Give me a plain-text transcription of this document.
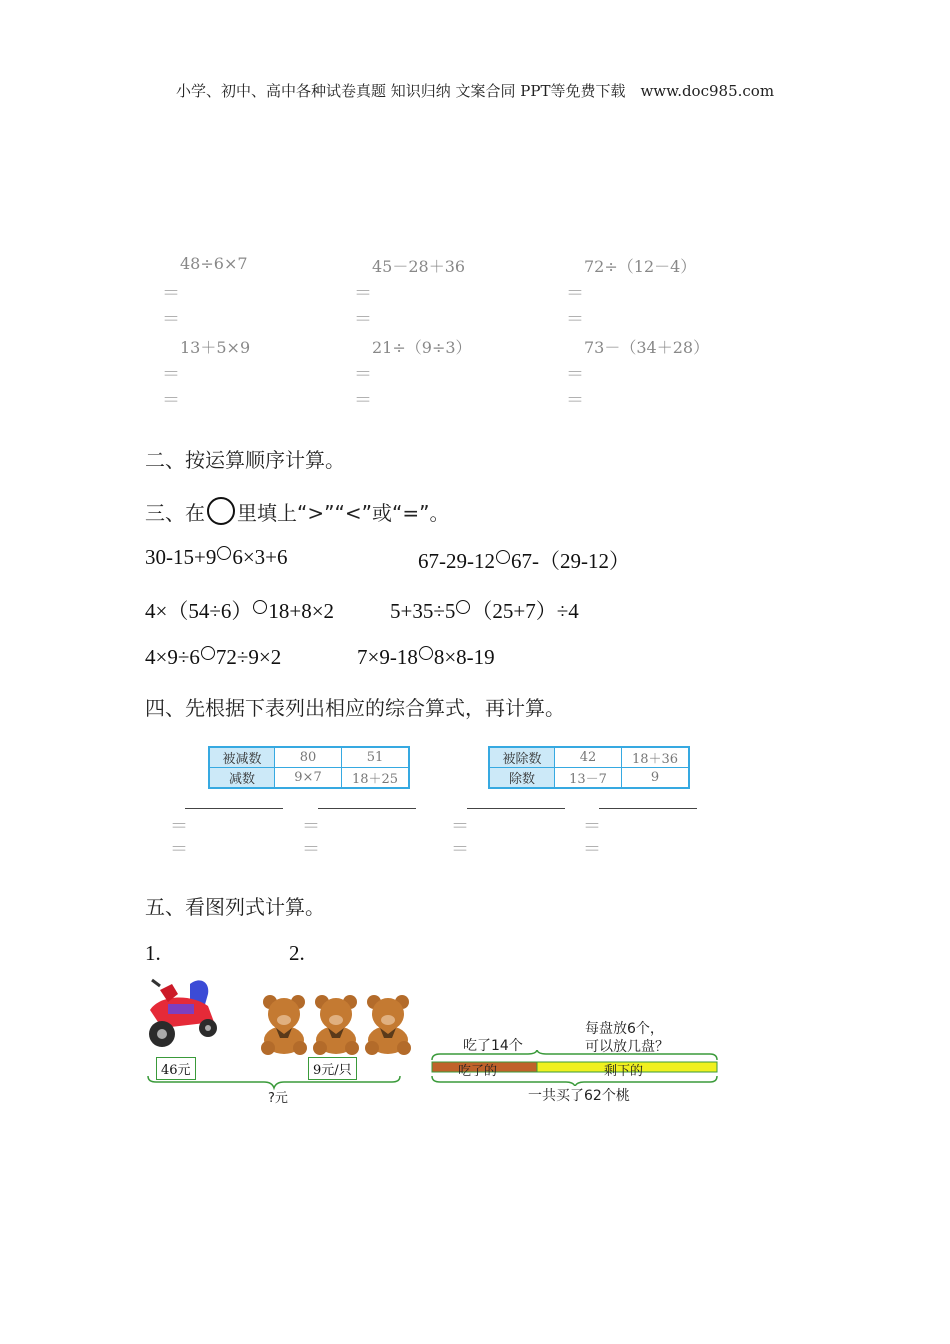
小学、初中、高中各种试卷真题 知识归纳 文案合同 PPT等免费下载　www.doc985.com
48÷6×7	45－28＋36	72÷（12－4）
＝	＝	＝
＝	＝	＝
13＋5×9	21÷（9÷3）	73－（34＋28）
＝	＝	＝
＝	＝	＝
二、按运算顺序计算。
三、在 里填上“>”“<”或“=”。
30-15+9 6×3+6	67-29-12 67-（29-12）
4×（54÷6） 18+8×2	5+35÷5 （25+7）÷4
4×9÷6 72÷9×2	7×9-18 8×8-19
四、先根据下表列出相应的综合算式，再计算。
被减数	80	51
减数	9×7	18＋25
被除数	42	18＋36
除数	13－7	9
＝	＝	＝	＝
＝	＝	＝	＝
五、看图列式计算。
1.	2.
46元	9元/只
?元
每盘放6个，
可以放几盘？
吃了14个
吃了的	剩下的
一共买了62个桃
